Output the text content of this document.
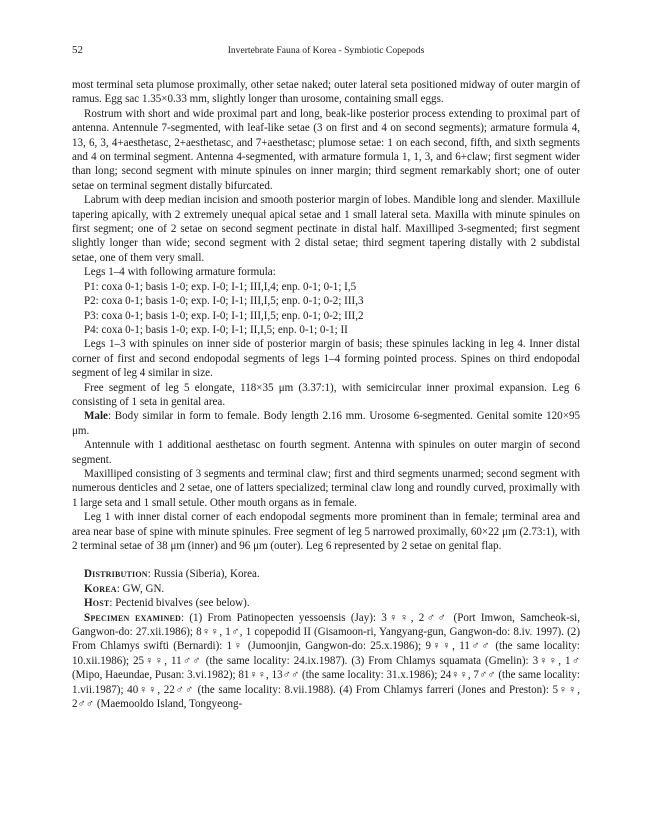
52	Invertebrate Fauna of Korea - Symbiotic Copepods

most terminal seta plumose proximally, other setae naked; outer lateral seta positioned midway of outer margin of ramus. Egg sac 1.35×0.33 mm, slightly longer than urosome, containing small eggs.

Rostrum with short and wide proximal part and long, beak-like posterior process extending to proximal part of antenna. Antennule 7-segmented, with leaf-like setae (3 on first and 4 on second segments); armature formula 4, 13, 6, 3, 4+aesthetasc, 2+aesthetasc, and 7+aesthetasc; plumose setae: 1 on each second, fifth, and sixth segments and 4 on terminal segment. Antenna 4-segmented, with armature formula 1, 1, 3, and 6+claw; first segment wider than long; second segment with minute spinules on inner margin; third segment remarkably short; one of outer setae on terminal segment distally bifurcated.

Labrum with deep median incision and smooth posterior margin of lobes. Mandible long and slender. Maxillule tapering apically, with 2 extremely unequal apical setae and 1 small lateral seta. Maxilla with minute spinules on first segment; one of 2 setae on second segment pectinate in distal half. Maxilliped 3-segmented; first segment slightly longer than wide; second segment with 2 distal setae; third segment tapering distally with 2 subdistal setae, one of them very small.

Legs 1–4 with following armature formula:

P1: coxa 0-1; basis 1-0; exp. I-0; I-1; III,I,4; enp. 0-1; 0-1; I,5

P2: coxa 0-1; basis 1-0; exp. I-0; I-1; III,I,5; enp. 0-1; 0-2; III,3

P3: coxa 0-1; basis 1-0; exp. I-0; I-1; III,I,5; enp. 0-1; 0-2; III,2

P4: coxa 0-1; basis 1-0; exp. I-0; I-1; II,I,5; enp. 0-1; 0-1; II

Legs 1–3 with spinules on inner side of posterior margin of basis; these spinules lacking in leg 4. Inner distal corner of first and second endopodal segments of legs 1–4 forming pointed process. Spines on third endopodal segment of leg 4 similar in size.

Free segment of leg 5 elongate, 118×35 μm (3.37:1), with semicircular inner proximal expansion. Leg 6 consisting of 1 seta in genital area.

Male: Body similar in form to female. Body length 2.16 mm. Urosome 6-segmented. Genital somite 120×95 μm.

Antennule with 1 additional aesthetasc on fourth segment. Antenna with spinules on outer margin of second segment.

Maxilliped consisting of 3 segments and terminal claw; first and third segments unarmed; second segment with numerous denticles and 2 setae, one of latters specialized; terminal claw long and roundly curved, proximally with 1 large seta and 1 small setule. Other mouth organs as in female.

Leg 1 with inner distal corner of each endopodal segments more prominent than in female; terminal area and area near base of spine with minute spinules. Free segment of leg 5 narrowed proximally, 60×22 μm (2.73:1), with 2 terminal setae of 38 μm (inner) and 96 μm (outer). Leg 6 represented by 2 setae on genital flap.

Distribution: Russia (Siberia), Korea.

Korea: GW, GN.

Host: Pectenid bivalves (see below).

Specimen examined: (1) From Patinopecten yessoensis (Jay): 3♀♀, 2♂♂ (Port Imwon, Samcheok-si, Gangwon-do: 27.xii.1986); 8♀♀, 1♂, 1 copepodid II (Gisamoon-ri, Yangyang-gun, Gangwon-do: 8.iv. 1997). (2) From Chlamys swifti (Bernardi): 1♀ (Jumoonjin, Gangwon-do: 25.x.1986); 9♀♀, 11♂♂ (the same locality: 10.xii.1986); 25♀♀, 11♂♂ (the same locality: 24.ix.1987). (3) From Chlamys squamata (Gmelin): 3♀♀, 1♂ (Mipo, Haeundae, Pusan: 3.vi.1982); 81♀♀, 13♂♂ (the same locality: 31.x.1986); 24♀♀, 7♂♂ (the same locality: 1.vii.1987); 40♀♀, 22♂♂ (the same locality: 8.vii.1988). (4) From Chlamys farreri (Jones and Preston): 5♀♀, 2♂♂ (Maemooldo Island, Tongyeong-
